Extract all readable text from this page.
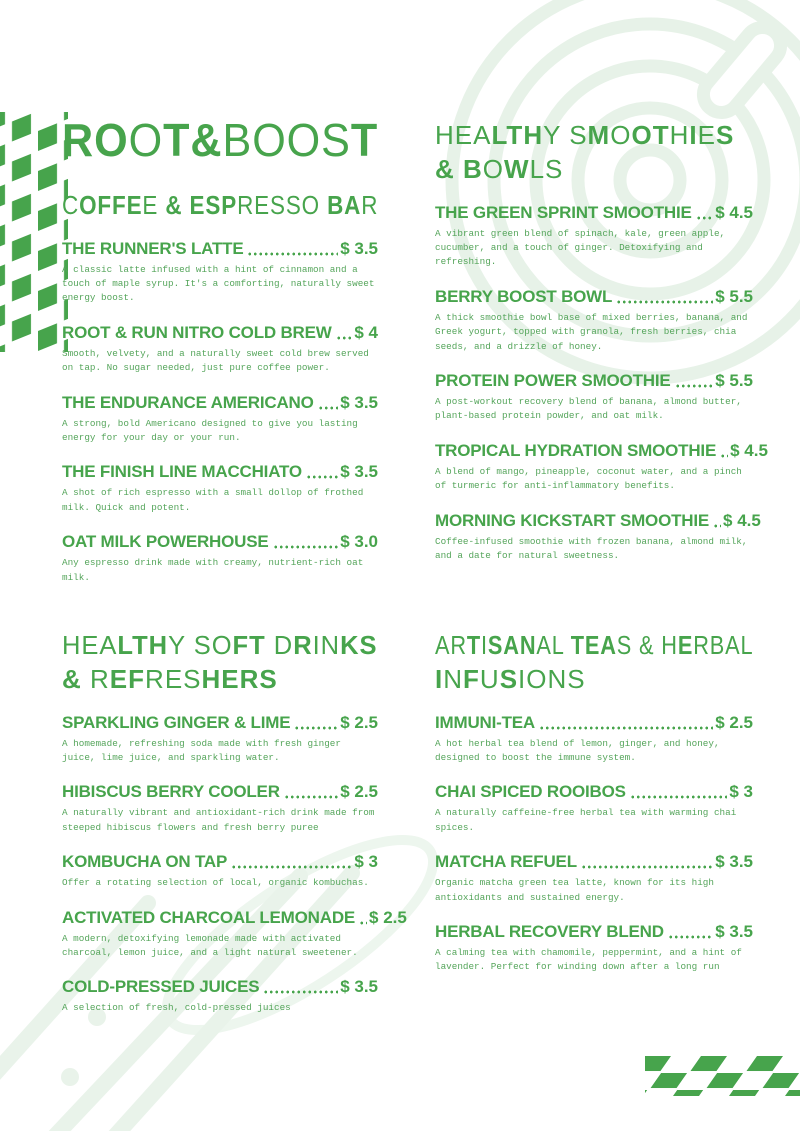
ROOT&BOOST
COFFEE & ESPRESSO BAR
THE RUNNER'S LATTE	$ 3.5
A classic latte infused with a hint of cinnamon and a touch of maple syrup. It's a comforting, naturally sweet energy boost.
ROOT & RUN NITRO COLD BREW $ 4
Smooth, velvety, and a naturally sweet cold brew served on tap. No sugar needed, just pure coffee power.
THE ENDURANCE AMERICANO $ 3.5
A strong, bold Americano designed to give you lasting energy for your day or your run.
THE FINISH LINE MACCHIATO $ 3.5
A shot of rich espresso with a small dollop of frothed milk. Quick and potent.
OAT MILK POWERHOUSE	$ 3.0
Any espresso drink made with creamy, nutrient-rich oat milk.
HEALTHY SMOOTHIES
& BOWLS
THE GREEN SPRINT SMOOTHIE $ 4.5
A vibrant green blend of spinach, kale, green apple, cucumber, and a touch of ginger. Detoxifying and refreshing.
BERRY BOOST BOWL	$ 5.5
A thick smoothie bowl base of mixed berries, banana, and Greek yogurt, topped with granola, fresh berries, chia seeds, and a drizzle of honey.
PROTEIN POWER SMOOTHIE	$ 5.5
A post-workout recovery blend of banana, almond butter, plant-based protein powder, and oat milk.
TROPICAL HYDRATION SMOOTHIE $ 4.5
A blend of mango, pineapple, coconut water, and a pinch of turmeric for anti-inflammatory benefits.
MORNING KICKSTART SMOOTHIE $ 4.5
Coffee-infused smoothie with frozen banana, almond milk, and a date for natural sweetness.
HEALTHY SOFT DRINKS
& REFRESHERS
SPARKLING GINGER & LIME	$ 2.5
A homemade, refreshing soda made with fresh ginger juice, lime juice, and sparkling water.
HIBISCUS BERRY COOLER	$ 2.5
A naturally vibrant and antioxidant-rich drink made from steeped hibiscus flowers and fresh berry puree
KOMBUCHA ON TAP	$ 3
Offer a rotating selection of local, organic kombuchas.
ACTIVATED CHARCOAL LEMONADE $ 2.5
A modern, detoxifying lemonade made with activated charcoal, lemon juice, and a light natural sweetener.
COLD-PRESSED JUICES	$ 3.5
A selection of fresh, cold-pressed juices
ARTISANAL TEAS & HERBAL
INFUSIONS
IMMUNI-TEA	$ 2.5
A hot herbal tea blend of lemon, ginger, and honey, designed to boost the immune system.
CHAI SPICED ROOIBOS	$ 3
A naturally caffeine-free herbal tea with warming chai spices.
MATCHA REFUEL	$ 3.5
Organic matcha green tea latte, known for its high antioxidants and sustained energy.
HERBAL RECOVERY BLEND	$ 3.5
A calming tea with chamomile, peppermint, and a hint of lavender. Perfect for winding down after a long run
